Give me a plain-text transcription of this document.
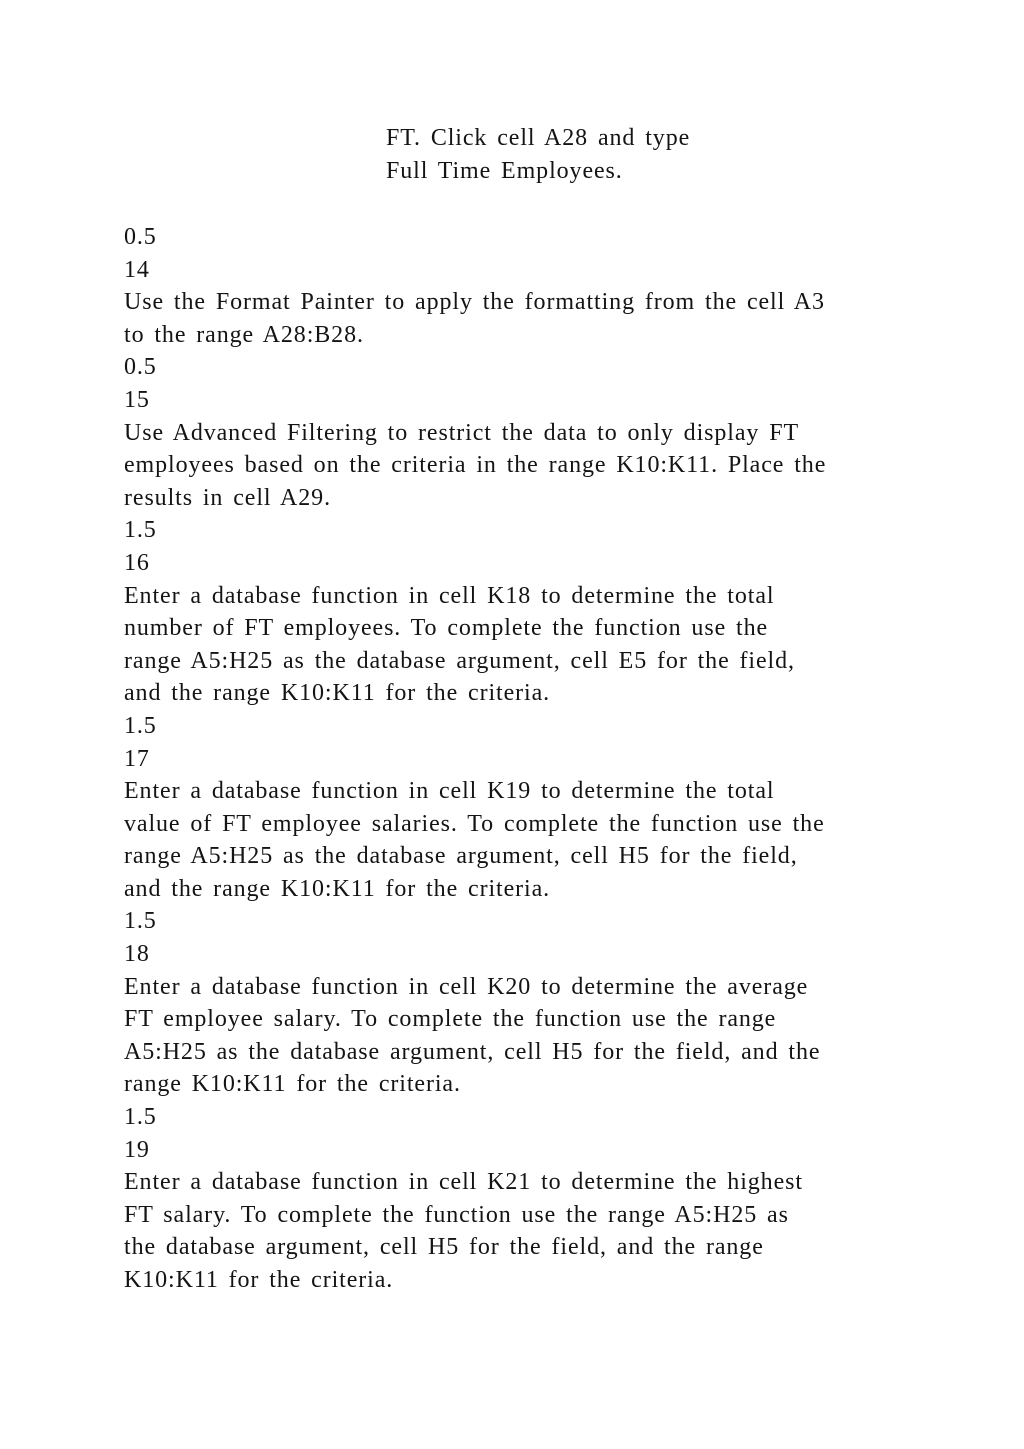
FT. Click cell A28 and type
Full Time Employees.
0.5
14
Use the Format Painter to apply the formatting from the cell A3
to the range A28:B28.
0.5
15
Use Advanced Filtering to restrict the data to only display FT
employees based on the criteria in the range K10:K11. Place the
results in cell A29.
1.5
16
Enter a database function in cell K18 to determine the total
number of FT employees. To complete the function use the
range A5:H25 as the database argument, cell E5 for the field,
and the range K10:K11 for the criteria.
1.5
17
Enter a database function in cell K19 to determine the total
value of FT employee salaries. To complete the function use the
range A5:H25 as the database argument, cell H5 for the field,
and the range K10:K11 for the criteria.
1.5
18
Enter a database function in cell K20 to determine the average
FT employee salary. To complete the function use the range
A5:H25 as the database argument, cell H5 for the field, and the
range K10:K11 for the criteria.
1.5
19
Enter a database function in cell K21 to determine the highest
FT salary. To complete the function use the range A5:H25 as
the database argument, cell H5 for the field, and the range
K10:K11 for the criteria.
